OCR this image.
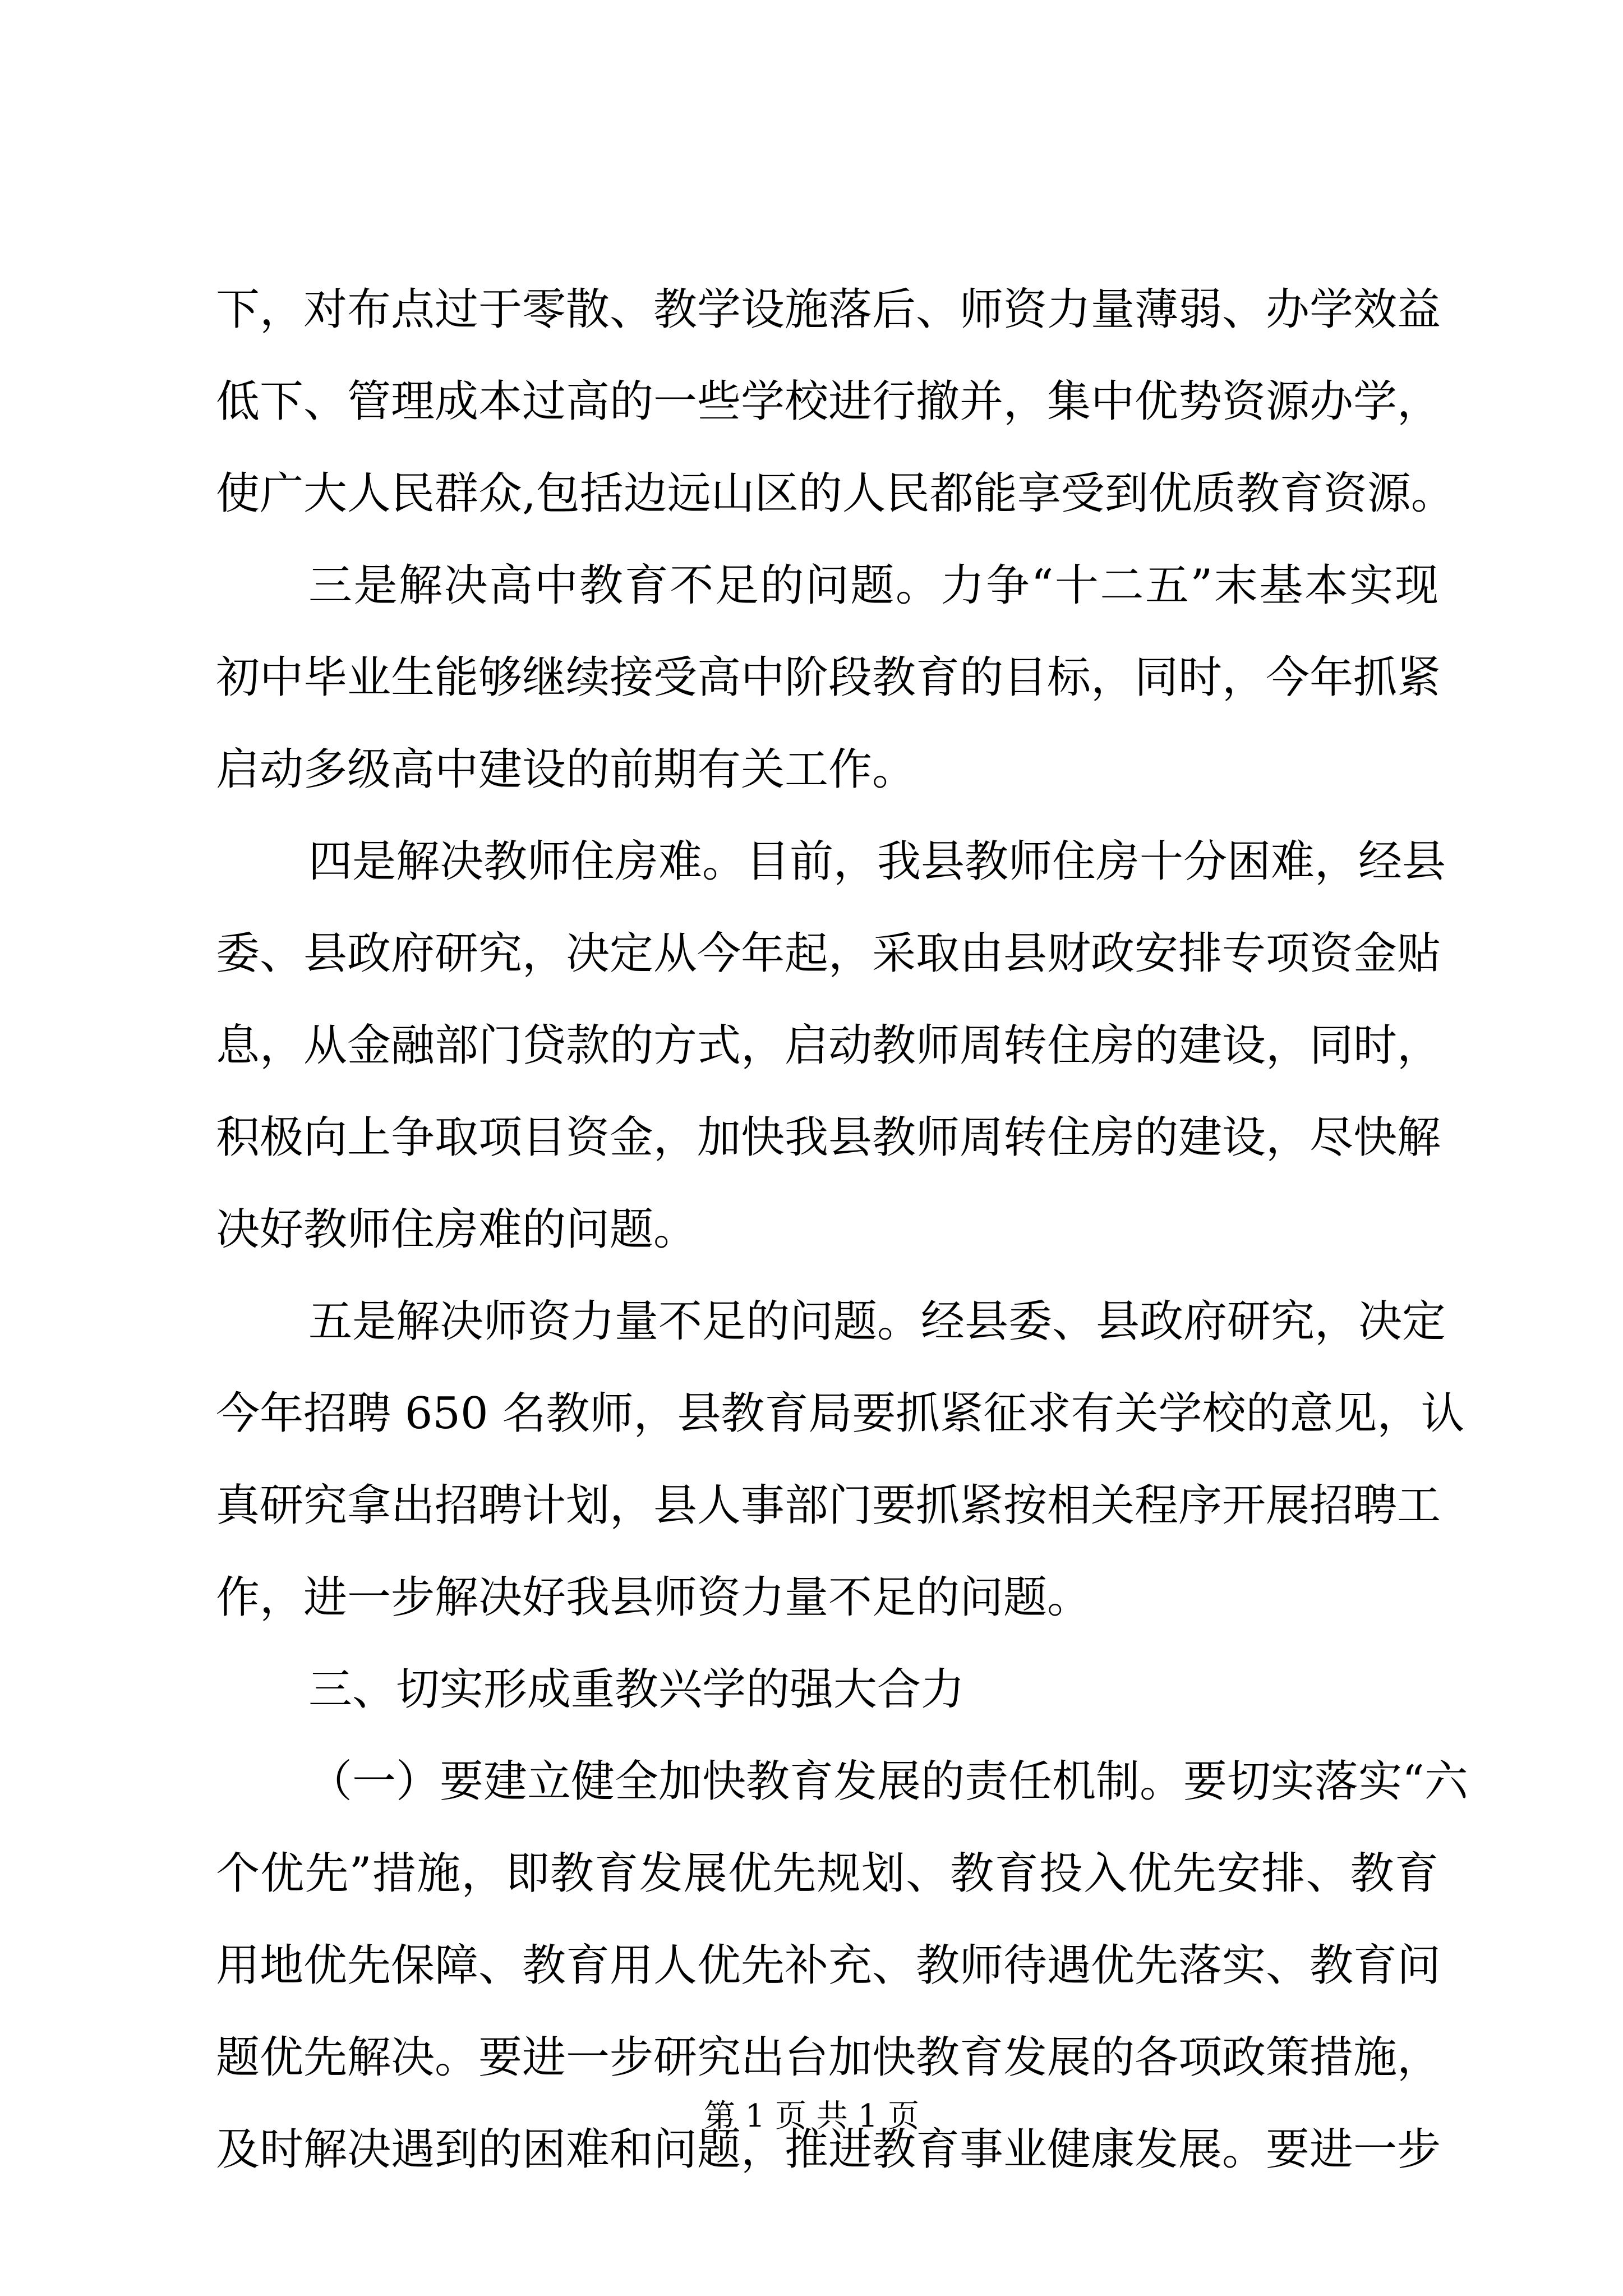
下，对布点过于零散、教学设施落后、师资力量薄弱、办学效益
低下、管理成本过高的一些学校进行撤并，集中优势资源办学，
使广大人民群众,包括边远山区的人民都能享受到优质教育资源。
三是解决高中教育不足的问题。力争“十二五”末基本实现
初中毕业生能够继续接受高中阶段教育的目标，同时，今年抓紧
启动多级高中建设的前期有关工作。
四是解决教师住房难。目前，我县教师住房十分困难，经县
委、县政府研究，决定从今年起，采取由县财政安排专项资金贴
息，从金融部门贷款的方式，启动教师周转住房的建设，同时，
积极向上争取项目资金，加快我县教师周转住房的建设，尽快解
决好教师住房难的问题。
五是解决师资力量不足的问题。经县委、县政府研究，决定
今年招聘 650 名教师，县教育局要抓紧征求有关学校的意见，认
真研究拿出招聘计划，县人事部门要抓紧按相关程序开展招聘工
作，进一步解决好我县师资力量不足的问题。
三、切实形成重教兴学的强大合力
（一）要建立健全加快教育发展的责任机制。要切实落实“六
个优先”措施，即教育发展优先规划、教育投入优先安排、教育
用地优先保障、教育用人优先补充、教师待遇优先落实、教育问
题优先解决。要进一步研究出台加快教育发展的各项政策措施，
及时解决遇到的困难和问题，推进教育事业健康发展。要进一步
第 1 页 共 1 页
